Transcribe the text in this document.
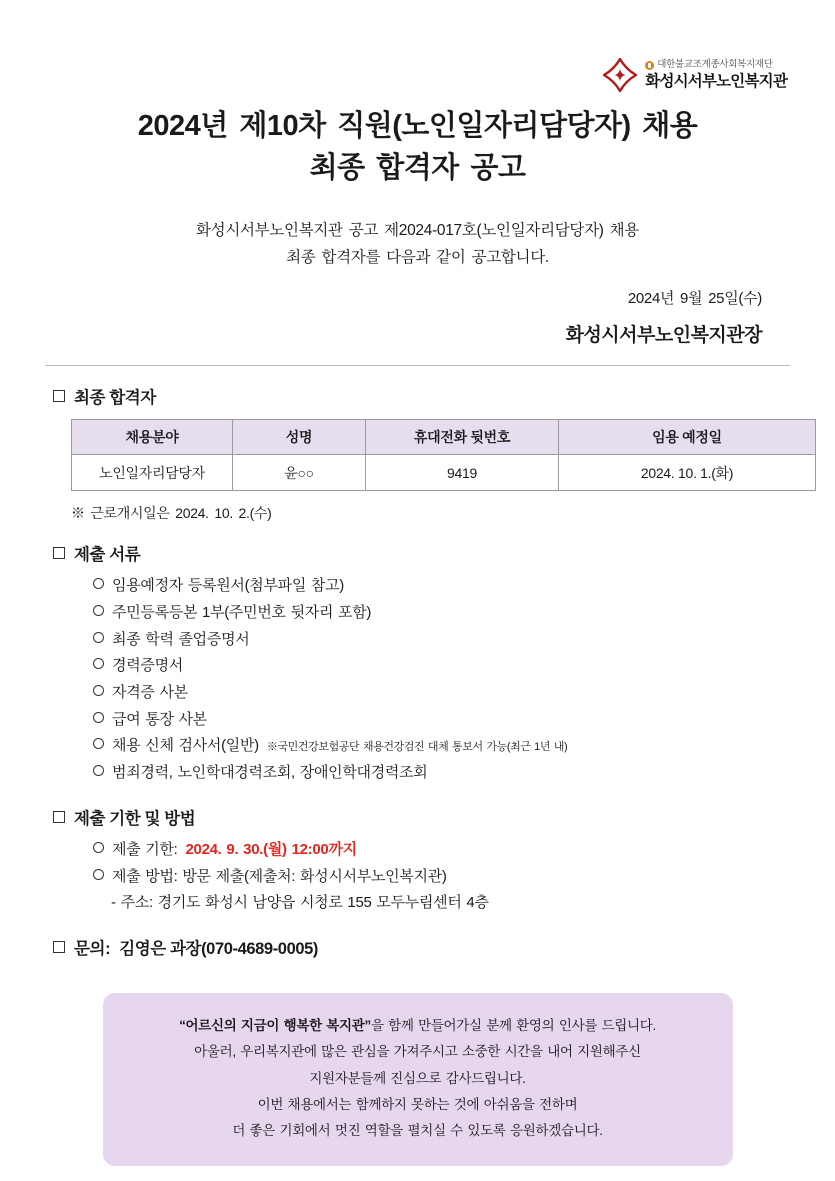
대한불교조계종사회복지재단
화성시서부노인복지관
2024년 제10차 직원(노인일자리담당자) 채용
최종 합격자 공고
화성시서부노인복지관 공고 제2024-017호(노인일자리담당자) 채용
최종 합격자를 다음과 같이 공고합니다.
2024년 9월 25일(수)
화성시서부노인복지관장
최종 합격자
채용분야	성명	휴대전화 뒷번호	임용 예정일
노인일자리담당자	윤○○	9419	2024. 10. 1.(화)
※ 근로개시일은 2024. 10. 2.(수)
제출 서류
임용예정자 등록원서(첨부파일 참고)
주민등록등본 1부(주민번호 뒷자리 포함)
최종 학력 졸업증명서
경력증명서
자격증 사본
급여 통장 사본
채용 신체 검사서(일반) ※국민건강보험공단 채용건강검진 대체 통보서 가능(최근 1년 내)
범죄경력, 노인학대경력조회, 장애인학대경력조회
제출 기한 및 방법
제출 기한: 2024. 9. 30.(월) 12:00까지
제출 방법: 방문 제출(제출처: 화성시서부노인복지관)
- 주소: 경기도 화성시 남양읍 시청로 155 모두누림센터 4층
문의: 김영은 과장(070-4689-0005)

“어르신의 지금이 행복한 복지관”을 함께 만들어가실 분께 환영의 인사를 드립니다.

아울러, 우리복지관에 많은 관심을 가져주시고 소중한 시간을 내어 지원해주신

지원자분들께 진심으로 감사드립니다.

이번 채용에서는 함께하지 못하는 것에 아쉬움을 전하며

더 좋은 기회에서 멋진 역할을 펼치실 수 있도록 응원하겠습니다.
